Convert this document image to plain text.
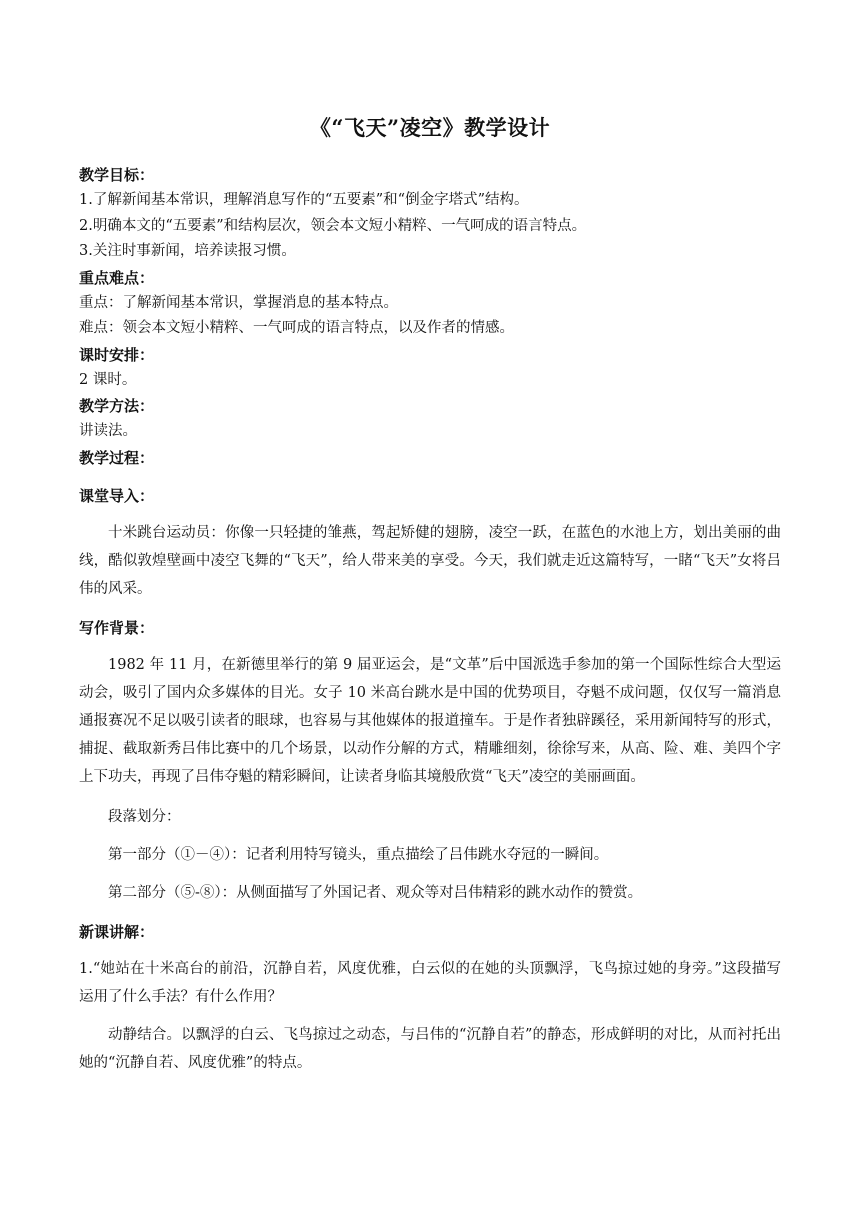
《“飞天”凌空》教学设计
教学目标：
1.了解新闻基本常识，理解消息写作的“五要素”和“倒金字塔式”结构。
2.明确本文的“五要素”和结构层次，领会本文短小精粹、一气呵成的语言特点。
3.关注时事新闻，培养读报习惯。
重点难点：
重点：了解新闻基本常识，掌握消息的基本特点。
难点：领会本文短小精粹、一气呵成的语言特点，以及作者的情感。
课时安排：
2 课时。
教学方法：
讲读法。
教学过程：
课堂导入：
十米跳台运动员：你像一只轻捷的雏燕，驾起矫健的翅膀，凌空一跃，在蓝色的水池上方，划出美丽的曲线，酷似敦煌壁画中凌空飞舞的“飞天”，给人带来美的享受。今天，我们就走近这篇特写，一睹“飞天”女将吕伟的风采。
写作背景：
1982 年 11 月，在新德里举行的第 9 届亚运会，是“文革”后中国派选手参加的第一个国际性综合大型运动会，吸引了国内众多媒体的目光。女子 10 米高台跳水是中国的优势项目，夺魁不成问题，仅仅写一篇消息通报赛况不足以吸引读者的眼球，也容易与其他媒体的报道撞车。于是作者独辟蹊径，采用新闻特写的形式，捕捉、截取新秀吕伟比赛中的几个场景，以动作分解的方式，精雕细刻，徐徐写来，从高、险、难、美四个字上下功夫，再现了吕伟夺魁的精彩瞬间，让读者身临其境般欣赏“飞天”凌空的美丽画面。
段落划分：
第一部分（①－④）：记者利用特写镜头，重点描绘了吕伟跳水夺冠的一瞬间。
第二部分（⑤-⑧）：从侧面描写了外国记者、观众等对吕伟精彩的跳水动作的赞赏。
新课讲解：
1.“她站在十米高台的前沿，沉静自若，风度优雅，白云似的在她的头顶飘浮，飞鸟掠过她的身旁。”这段描写运用了什么手法？有什么作用？
动静结合。以飘浮的白云、飞鸟掠过之动态，与吕伟的“沉静自若”的静态，形成鲜明的对比，从而衬托出她的“沉静自若、风度优雅”的特点。
